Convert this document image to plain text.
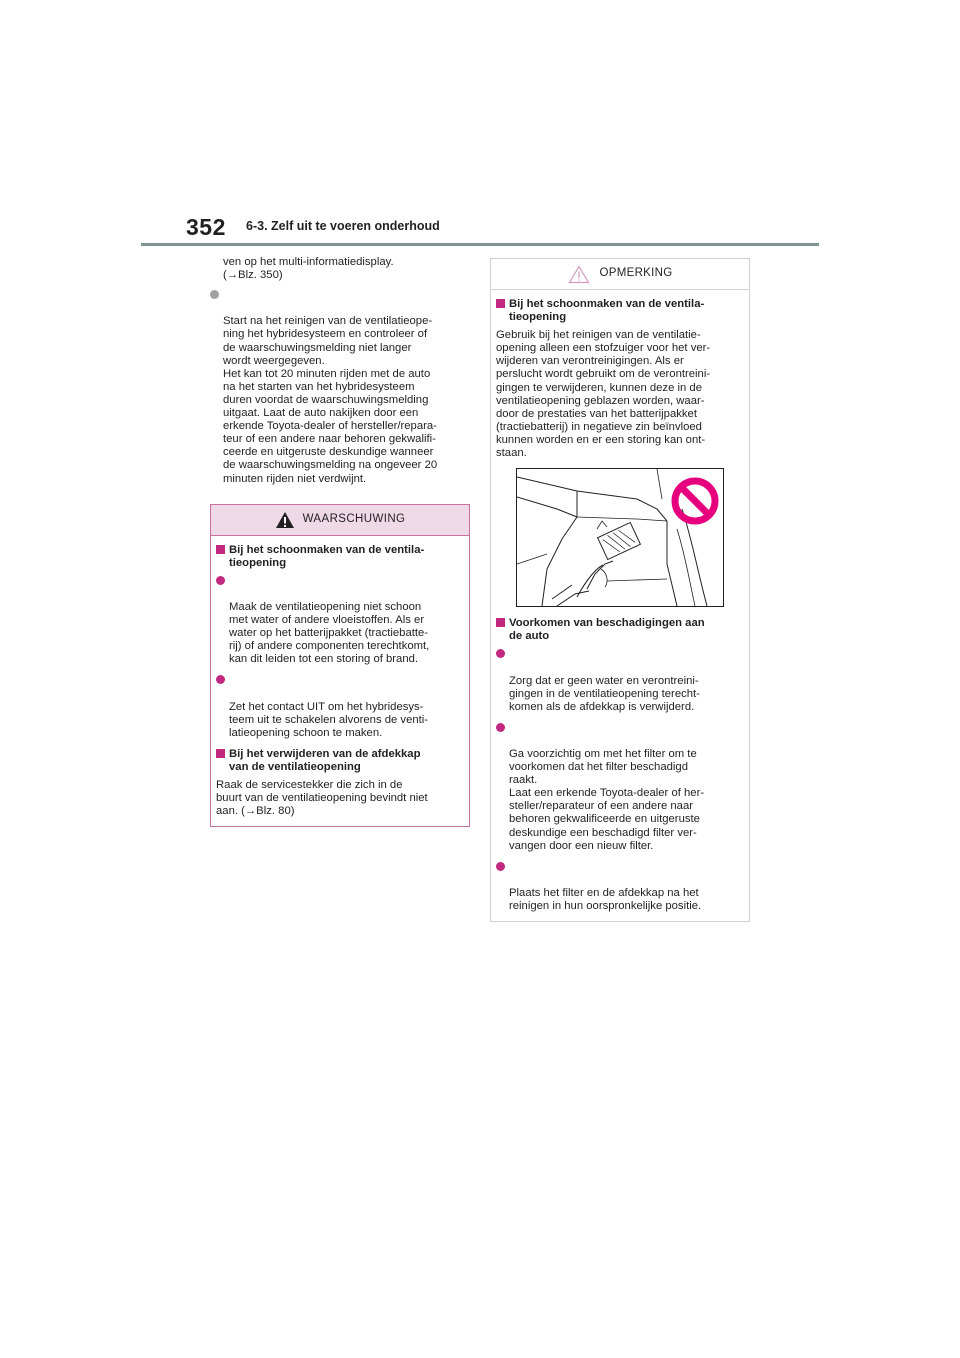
352 6-3. Zelf uit te voeren onderhoud
ven op het multi-informatiedisplay.
(→Blz. 350)

Start na het reinigen van de ventilatieope-
ning het hybridesysteem en controleer of
de waarschuwingsmelding niet langer
wordt weergegeven.
Het kan tot 20 minuten rijden met de auto
na het starten van het hybridesysteem
duren voordat de waarschuwingsmelding
uitgaat. Laat de auto nakijken door een
erkende Toyota-dealer of hersteller/repara-
teur of een andere naar behoren gekwalifi-
ceerde en uitgeruste deskundige wanneer
de waarschuwingsmelding na ongeveer 20
minuten rijden niet verdwijnt.

WAARSCHUWING
Bij het schoonmaken van de ventila-
tieopening

Maak de ventilatieopening niet schoon
met water of andere vloeistoffen. Als er
water op het batterijpakket (tractiebatte-
rij) of andere componenten terechtkomt,
kan dit leiden tot een storing of brand.

Zet het contact UIT om het hybridesys-
teem uit te schakelen alvorens de venti-
latieopening schoon te maken.

Bij het verwijderen van de afdekkap
van de ventilatieopening
Raak de servicestekker die zich in de
buurt van de ventilatieopening bevindt niet
aan. (→Blz. 80)
OPMERKING
Bij het schoonmaken van de ventila-
tieopening
Gebruik bij het reinigen van de ventilatie-
opening alleen een stofzuiger voor het ver-
wijderen van verontreinigingen. Als er
perslucht wordt gebruikt om de verontreini-
gingen te verwijderen, kunnen deze in de
ventilatieopening geblazen worden, waar-
door de prestaties van het batterijpakket
(tractiebatterij) in negatieve zin beïnvloed
kunnen worden en er een storing kan ont-
staan.
Voorkomen van beschadigingen aan
de auto

Zorg dat er geen water en verontreini-
gingen in de ventilatieopening terecht-
komen als de afdekkap is verwijderd.

Ga voorzichtig om met het filter om te
voorkomen dat het filter beschadigd
raakt.
Laat een erkende Toyota-dealer of her-
steller/reparateur of een andere naar
behoren gekwalificeerde en uitgeruste
deskundige een beschadigd filter ver-
vangen door een nieuw filter.

Plaats het filter en de afdekkap na het
reinigen in hun oorspronkelijke positie.
